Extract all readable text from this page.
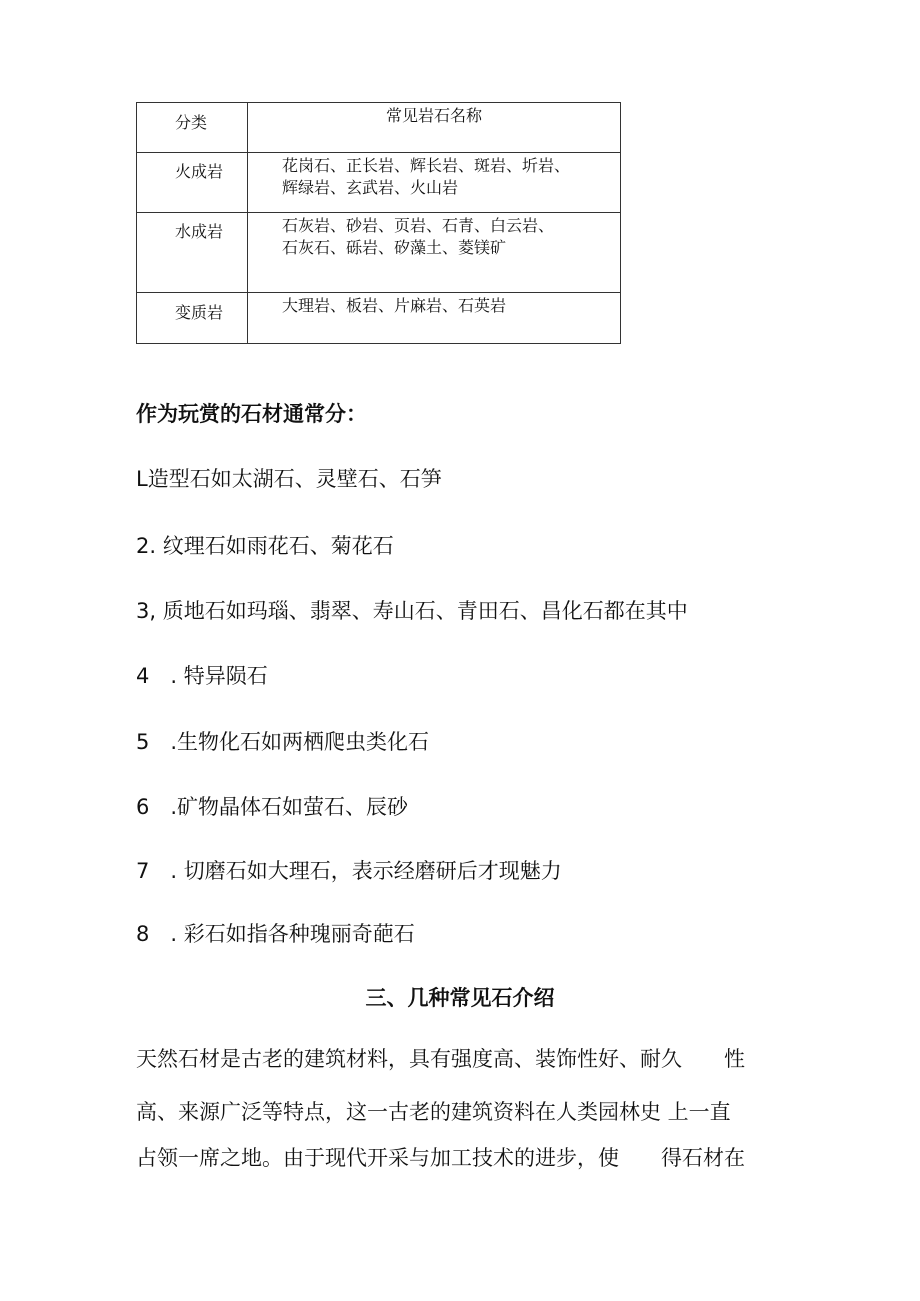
分类	常见岩石名称

火成岩	花岗石、正长岩、辉长岩、斑岩、圻岩、
辉绿岩、玄武岩、火山岩

水成岩	石灰岩、砂岩、页岩、石青、白云岩、
石灰石、砾岩、矽藻土、菱镁矿

变质岩	大理岩、板岩、片麻岩、石英岩
作为玩赏的石材通常分：
L造型石如太湖石、灵壁石、石笋
2. 纹理石如雨花石、菊花石
3, 质地石如玛瑙、翡翠、寿山石、青田石、昌化石都在其中
4　. 特异陨石
5　.生物化石如两栖爬虫类化石
6　.矿物晶体石如萤石、辰砂
7　. 切磨石如大理石，表示经磨研后才现魅力
8　. 彩石如指各种瑰丽奇葩石
三、几种常见石介绍
天然石材是古老的建筑材料，具有强度高、装饰性好、耐久　　性
高、来源广泛等特点，这一古老的建筑资料在人类园林史 上一直
占领一席之地。由于现代开采与加工技术的进步，使　　得石材在
